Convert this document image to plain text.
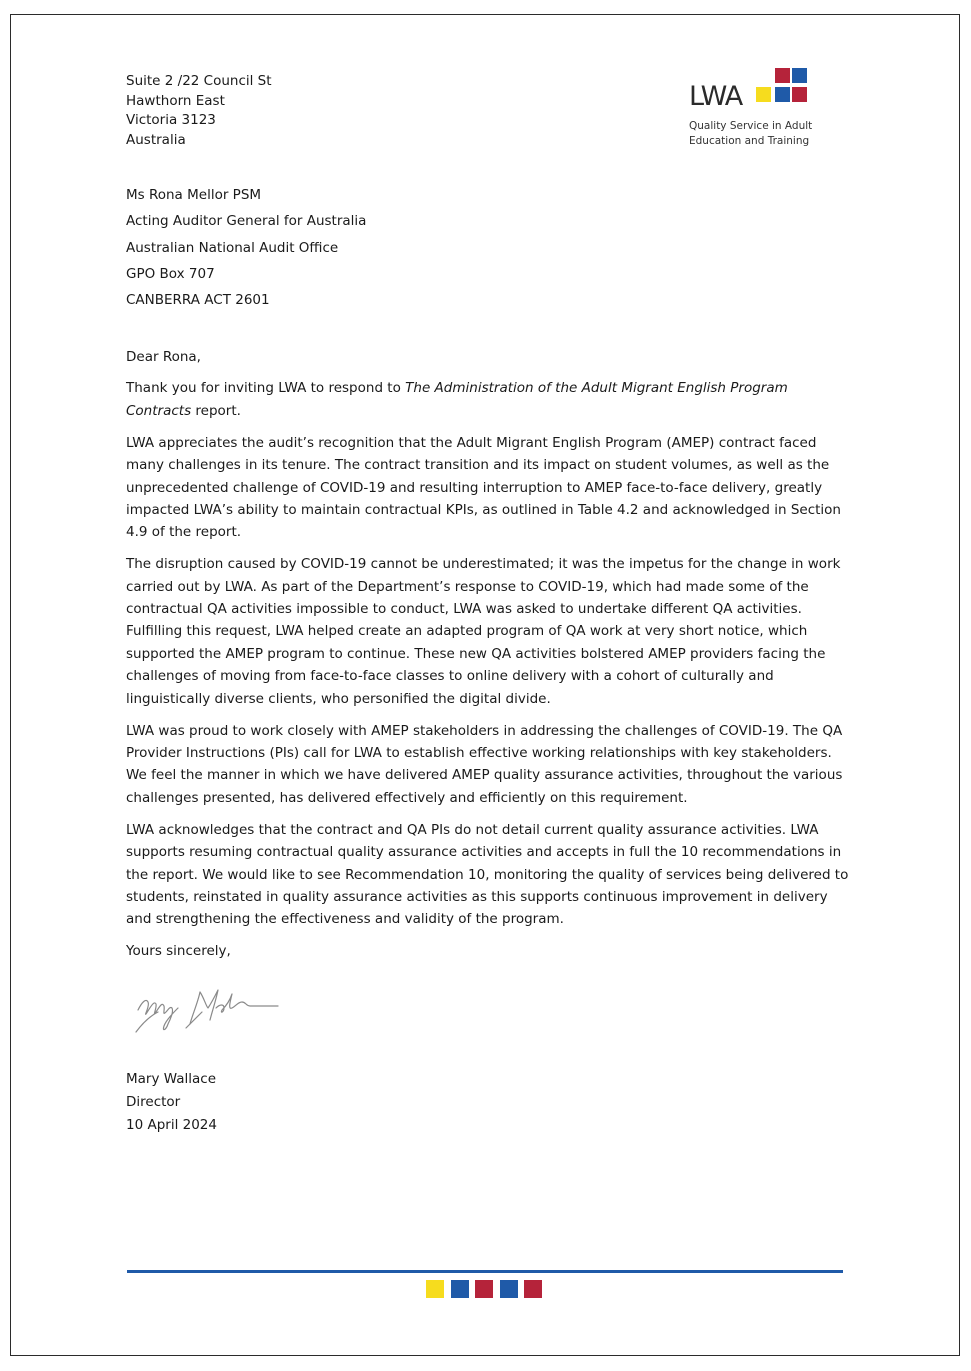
Suite 2 /22 Council St
Hawthorn East
Victoria 3123
Australia
LWA
Quality Service in Adult
Education and Training
Ms Rona Mellor PSM
Acting Auditor General for Australia
Australian National Audit Office
GPO Box 707
CANBERRA ACT 2601

Dear Rona,

Thank you for inviting LWA to respond to The Administration of the Adult Migrant English Program Contracts report.

LWA appreciates the audit’s recognition that the Adult Migrant English Program (AMEP) contract faced many challenges in its tenure. The contract transition and its impact on student volumes, as well as the unprecedented challenge of COVID-19 and resulting interruption to AMEP face-to-face delivery, greatly impacted LWA’s ability to maintain contractual KPIs, as outlined in Table 4.2 and acknowledged in Section 4.9 of the report.

The disruption caused by COVID-19 cannot be underestimated; it was the impetus for the change in work carried out by LWA. As part of the Department’s response to COVID-19, which had made some of the contractual QA activities impossible to conduct, LWA was asked to undertake different QA activities. Fulfilling this request, LWA helped create an adapted program of QA work at very short notice, which supported the AMEP program to continue. These new QA activities bolstered AMEP providers facing the challenges of moving from face-to-face classes to online delivery with a cohort of culturally and linguistically diverse clients, who personified the digital divide.

LWA was proud to work closely with AMEP stakeholders in addressing the challenges of COVID-19. The QA Provider Instructions (PIs) call for LWA to establish effective working relationships with key stakeholders. We feel the manner in which we have delivered AMEP quality assurance activities, throughout the various challenges presented, has delivered effectively and efficiently on this requirement.

LWA acknowledges that the contract and QA PIs do not detail current quality assurance activities. LWA supports resuming contractual quality assurance activities and accepts in full the 10 recommendations in the report. We would like to see Recommendation 10, monitoring the quality of services being delivered to students, reinstated in quality assurance activities as this supports continuous improvement in delivery and strengthening the effectiveness and validity of the program.

Yours sincerely,
Mary Wallace
Director
10 April 2024
